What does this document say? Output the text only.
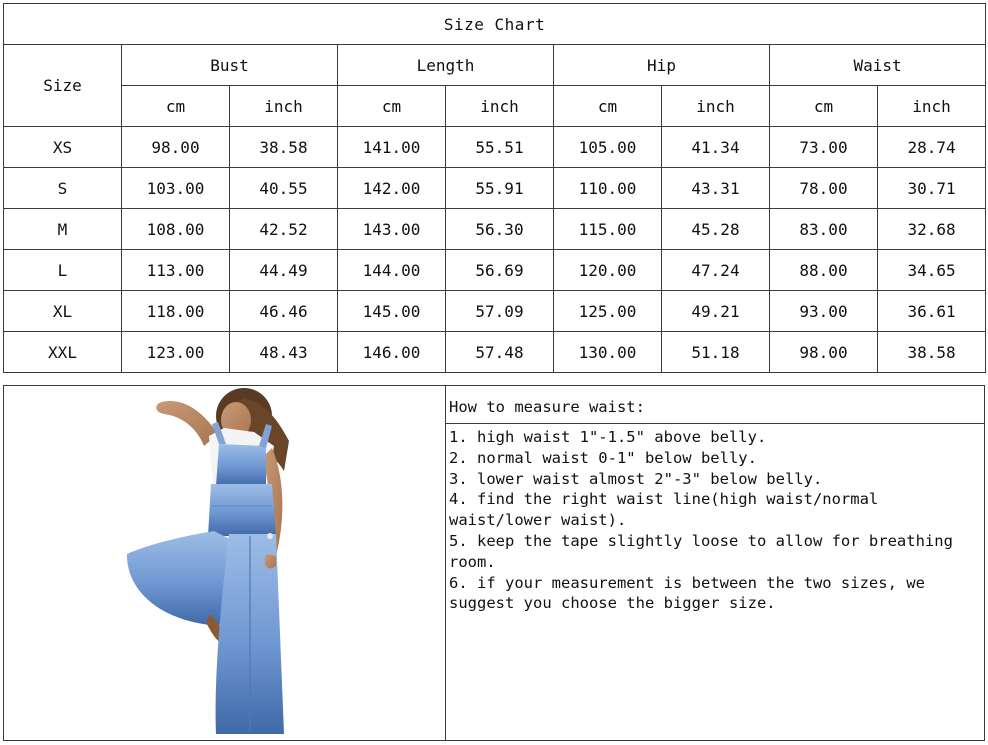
Size Chart								
Size	Bust		Length		Hip		Waist	
	cm	inch	cm	inch	cm	inch	cm	inch
XS	98.00	38.58	141.00	55.51	105.00	41.34	73.00	28.74
S	103.00	40.55	142.00	55.91	110.00	43.31	78.00	30.71
M	108.00	42.52	143.00	56.30	115.00	45.28	83.00	32.68
L	113.00	44.49	144.00	56.69	120.00	47.24	88.00	34.65
XL	118.00	46.46	145.00	57.09	125.00	49.21	93.00	36.61
XXL	123.00	48.43	146.00	57.48	130.00	51.18	98.00	38.58
How to measure waist:
1. high waist 1"-1.5" above belly.
2. normal waist 0-1" below belly.
3. lower waist almost 2"-3" below belly.
4. find the right waist line(high waist/normal waist/lower waist).
5. keep the tape slightly loose to allow for breathing room.
6. if your measurement is between the two sizes, we suggest you choose the bigger size.
